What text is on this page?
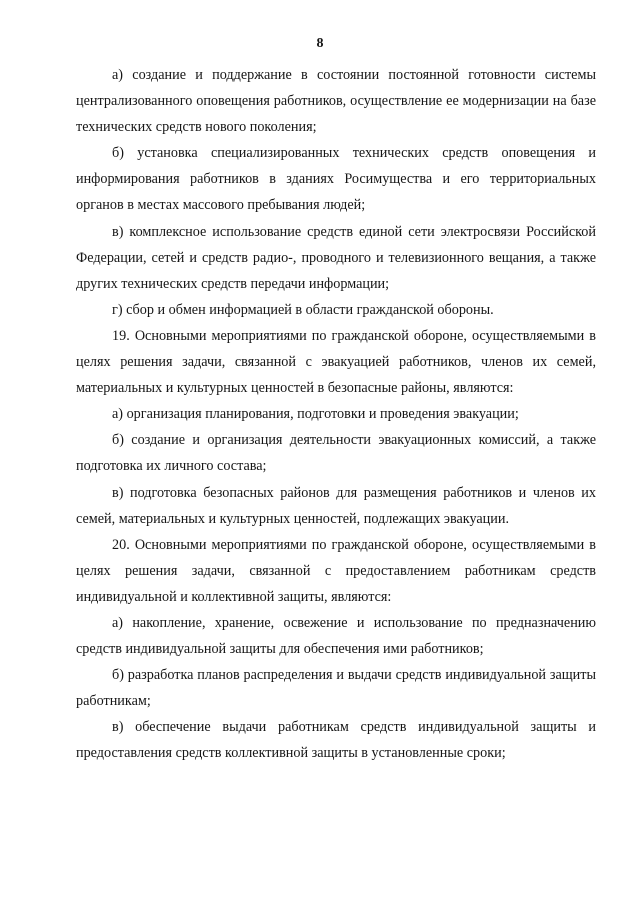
8

а) создание и поддержание в состоянии постоянной готовности системы централизованного оповещения работников, осуществление ее модернизации на базе технических средств нового поколения;

б) установка специализированных технических средств оповещения и информирования работников в зданиях Росимущества и его территориальных органов в местах массового пребывания людей;

в) комплексное использование средств единой сети электросвязи Российской Федерации, сетей и средств радио-, проводного и телевизионного вещания, а также других технических средств передачи информации;

г) сбор и обмен информацией в области гражданской обороны.

19. Основными мероприятиями по гражданской обороне, осуществляемыми в целях решения задачи, связанной с эвакуацией работников, членов их семей, материальных и культурных ценностей в безопасные районы, являются:

а) организация планирования, подготовки и проведения эвакуации;

б) создание и организация деятельности эвакуационных комиссий, а также подготовка их личного состава;

в) подготовка безопасных районов для размещения работников и членов их семей, материальных и культурных ценностей, подлежащих эвакуации.

20. Основными мероприятиями по гражданской обороне, осуществляемыми в целях решения задачи, связанной с предоставлением работникам средств индивидуальной и коллективной защиты, являются:

а) накопление, хранение, освежение и использование по предназначению средств индивидуальной защиты для обеспечения ими работников;

б) разработка планов распределения и выдачи средств индивидуальной защиты работникам;

в) обеспечение выдачи работникам средств индивидуальной защиты и предоставления средств коллективной защиты в установленные сроки;
